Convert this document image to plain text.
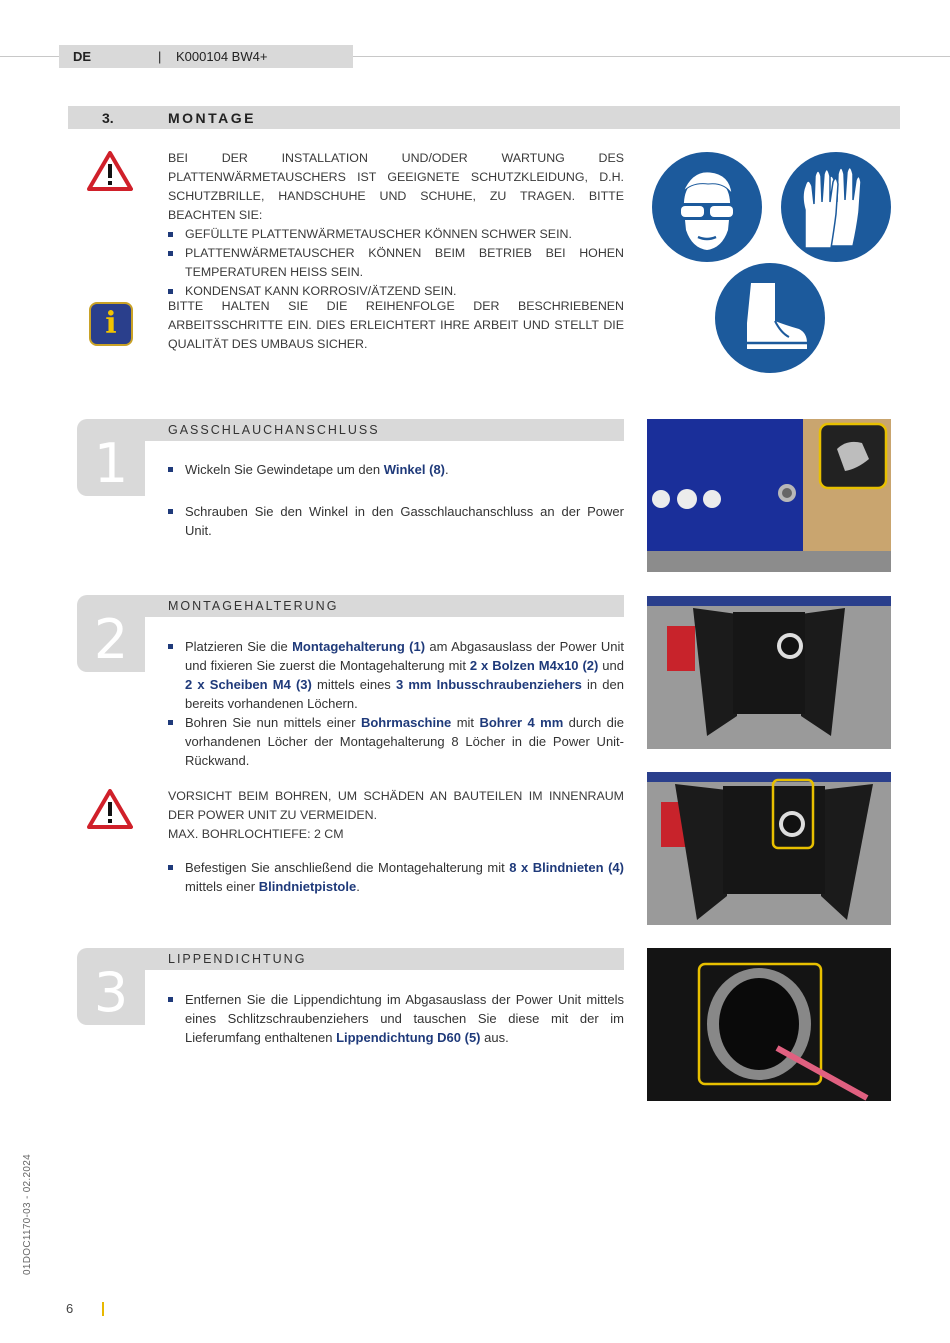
DE	| K000104 BW4+
3.	MONTAGE
BEI DER INSTALLATION UND/ODER WARTUNG DES PLATTENWÄRMETAUSCHERS IST GEEIGNETE SCHUTZKLEIDUNG, D.H. SCHUTZBRILLE, HANDSCHUHE UND SCHUHE, ZU TRAGEN. BITTE BEACHTEN SIE:
GEFÜLLTE PLATTENWÄRMETAUSCHER KÖNNEN SCHWER SEIN.
PLATTENWÄRMETAUSCHER KÖNNEN BEIM BETRIEB BEI HOHEN TEMPERATUREN HEISS SEIN.
KONDENSAT KANN KORROSIV/ÄTZEND SEIN.
i	BITTE HALTEN SIE DIE REIHENFOLGE DER BESCHRIEBENEN ARBEITSSCHRITTE EIN. DIES ERLEICHTERT IHRE ARBEIT UND STELLT DIE QUALITÄT DES UMBAUS SICHER.
1
GASSCHLAUCHANSCHLUSS
Wickeln Sie Gewindetape um den Winkel (8).
Schrauben Sie den Winkel in den Gasschlauchanschluss an der Power Unit.
2
MONTAGEHALTERUNG
Platzieren Sie die Montagehalterung (1) am Abgasauslass der Power Unit und fixieren Sie zuerst die Montagehalterung mit 2 x Bolzen M4x10 (2) und 2 x Scheiben M4 (3) mittels eines 3 mm Inbusschraubenziehers in den bereits vorhandenen Löchern.
Bohren Sie nun mittels einer Bohrmaschine mit Bohrer 4 mm durch die vorhandenen Löcher der Montagehalterung 8 Löcher in die Power Unit-Rückwand.
VORSICHT BEIM BOHREN, UM SCHÄDEN AN BAUTEILEN IM INNENRAUM DER POWER UNIT ZU VERMEIDEN.
MAX. BOHRLOCHTIEFE: 2 CM
Befestigen Sie anschließend die Montagehalterung mit 8 x Blindnieten (4) mittels einer Blindnietpistole.
3
LIPPENDICHTUNG
Entfernen Sie die Lippendichtung im Abgasauslass der Power Unit mittels eines Schlitzschraubenziehers und tauschen Sie diese mit der im Lieferumfang enthaltenen Lippendichtung D60 (5) aus.
01DOC1170-03 - 02.2024
6
